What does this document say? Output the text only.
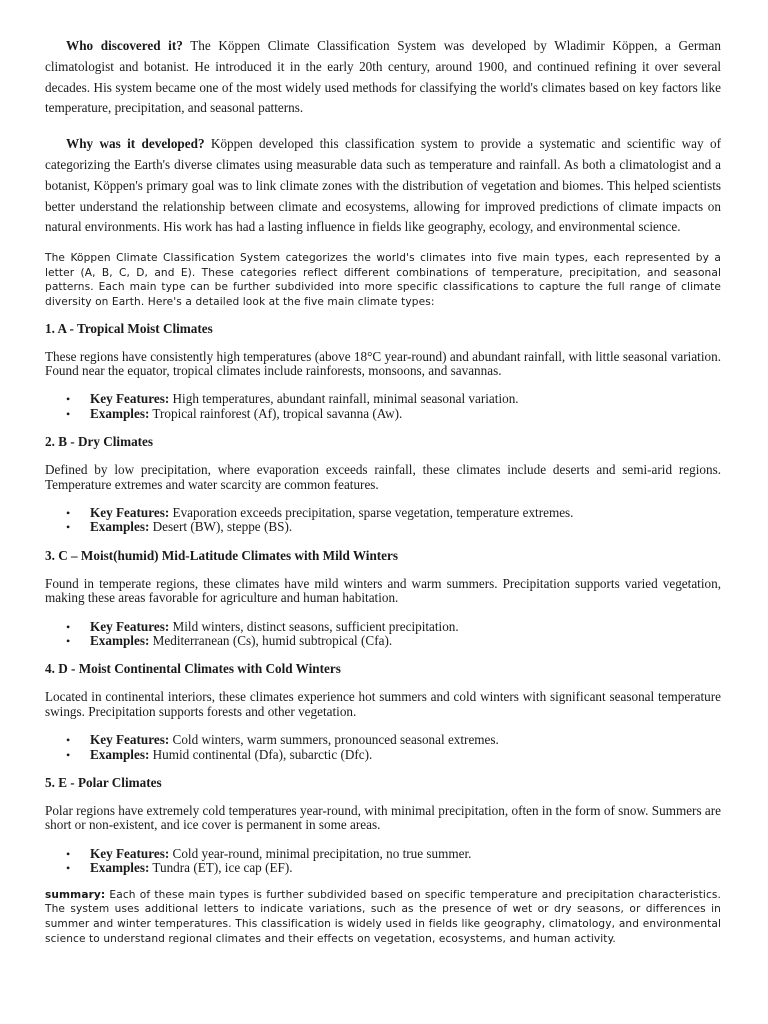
Who discovered it? The Köppen Climate Classification System was developed by Wladimir Köppen, a German climatologist and botanist. He introduced it in the early 20th century, around 1900, and continued refining it over several decades. His system became one of the most widely used methods for classifying the world's climates based on key factors like temperature, precipitation, and seasonal patterns.

Why was it developed? Köppen developed this classification system to provide a systematic and scientific way of categorizing the Earth's diverse climates using measurable data such as temperature and rainfall. As both a climatologist and a botanist, Köppen's primary goal was to link climate zones with the distribution of vegetation and biomes. This helped scientists better understand the relationship between climate and ecosystems, allowing for improved predictions of climate impacts on natural environments. His work has had a lasting influence in fields like geography, ecology, and environmental science.

The Köppen Climate Classification System categorizes the world's climates into five main types, each represented by a letter (A, B, C, D, and E). These categories reflect different combinations of temperature, precipitation, and seasonal patterns. Each main type can be further subdivided into more specific classifications to capture the full range of climate diversity on Earth. Here's a detailed look at the five main climate types:

1. A - Tropical Moist Climates

These regions have consistently high temperatures (above 18°C year-round) and abundant rainfall, with little seasonal variation. Found near the equator, tropical climates include rainforests, monsoons, and savannas.

• Key Features: High temperatures, abundant rainfall, minimal seasonal variation.
• Examples: Tropical rainforest (Af), tropical savanna (Aw).

2. B - Dry Climates

Defined by low precipitation, where evaporation exceeds rainfall, these climates include deserts and semi-arid regions. Temperature extremes and water scarcity are common features.

• Key Features: Evaporation exceeds precipitation, sparse vegetation, temperature extremes.
• Examples: Desert (BW), steppe (BS).

3. C – Moist(humid) Mid-Latitude Climates with Mild Winters

Found in temperate regions, these climates have mild winters and warm summers. Precipitation supports varied vegetation, making these areas favorable for agriculture and human habitation.

• Key Features: Mild winters, distinct seasons, sufficient precipitation.
• Examples: Mediterranean (Cs), humid subtropical (Cfa).

4. D - Moist Continental Climates with Cold Winters

Located in continental interiors, these climates experience hot summers and cold winters with significant seasonal temperature swings. Precipitation supports forests and other vegetation.

• Key Features: Cold winters, warm summers, pronounced seasonal extremes.
• Examples: Humid continental (Dfa), subarctic (Dfc).

5. E - Polar Climates

Polar regions have extremely cold temperatures year-round, with minimal precipitation, often in the form of snow. Summers are short or non-existent, and ice cover is permanent in some areas.

• Key Features: Cold year-round, minimal precipitation, no true summer.
• Examples: Tundra (ET), ice cap (EF).

summary: Each of these main types is further subdivided based on specific temperature and precipitation characteristics. The system uses additional letters to indicate variations, such as the presence of wet or dry seasons, or differences in summer and winter temperatures. This classification is widely used in fields like geography, climatology, and environmental science to understand regional climates and their effects on vegetation, ecosystems, and human activity.
